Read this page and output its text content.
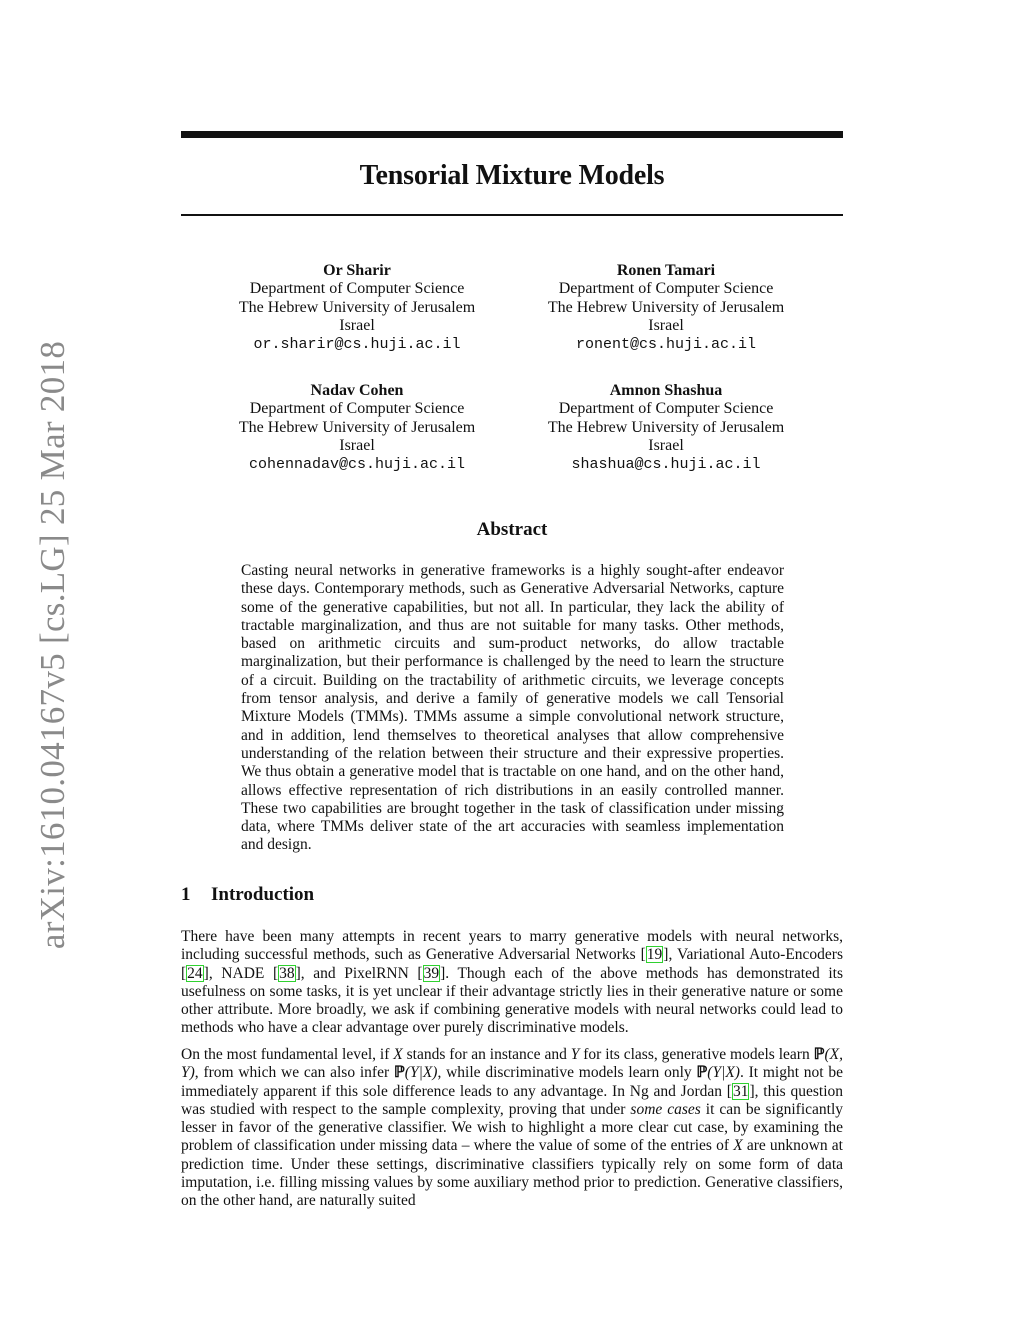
arXiv:1610.04167v5 [cs.LG] 25 Mar 2018
Tensorial Mixture Models
Or Sharir
Department of Computer Science
The Hebrew University of Jerusalem
Israel
or.sharir@cs.huji.ac.il
Ronen Tamari
Department of Computer Science
The Hebrew University of Jerusalem
Israel
ronent@cs.huji.ac.il
Nadav Cohen
Department of Computer Science
The Hebrew University of Jerusalem
Israel
cohennadav@cs.huji.ac.il
Amnon Shashua
Department of Computer Science
The Hebrew University of Jerusalem
Israel
shashua@cs.huji.ac.il
Abstract

Casting neural networks in generative frameworks is a highly sought-after endeavor these days. Contemporary methods, such as Generative Adversarial Networks, capture some of the generative capabilities, but not all. In particular, they lack the ability of tractable marginalization, and thus are not suitable for many tasks. Other methods, based on arithmetic circuits and sum-product networks, do allow tractable marginalization, but their performance is challenged by the need to learn the structure of a circuit. Building on the tractability of arithmetic circuits, we leverage concepts from tensor analysis, and derive a family of generative models we call Tensorial Mixture Models (TMMs). TMMs assume a simple convolutional network structure, and in addition, lend themselves to theoretical analyses that allow comprehensive understanding of the relation between their structure and their expressive properties. We thus obtain a generative model that is tractable on one hand, and on the other hand, allows effective representation of rich distributions in an easily controlled manner. These two capabilities are brought together in the task of classification under missing data, where TMMs deliver state of the art accuracies with seamless implementation and design.

1 Introduction

There have been many attempts in recent years to marry generative models with neural networks, including successful methods, such as Generative Adversarial Networks [19], Variational Auto-Encoders [24], NADE [38], and PixelRNN [39]. Though each of the above methods has demonstrated its usefulness on some tasks, it is yet unclear if their advantage strictly lies in their generative nature or some other attribute. More broadly, we ask if combining generative models with neural networks could lead to methods who have a clear advantage over purely discriminative models.

On the most fundamental level, if X stands for an instance and Y for its class, generative models learn ℙ(X, Y), from which we can also infer ℙ(Y|X), while discriminative models learn only ℙ(Y|X). It might not be immediately apparent if this sole difference leads to any advantage. In Ng and Jordan [31], this question was studied with respect to the sample complexity, proving that under some cases it can be significantly lesser in favor of the generative classifier. We wish to highlight a more clear cut case, by examining the problem of classification under missing data – where the value of some of the entries of X are unknown at prediction time. Under these settings, discriminative classifiers typically rely on some form of data imputation, i.e. filling missing values by some auxiliary method prior to prediction. Generative classifiers, on the other hand, are naturally suited
